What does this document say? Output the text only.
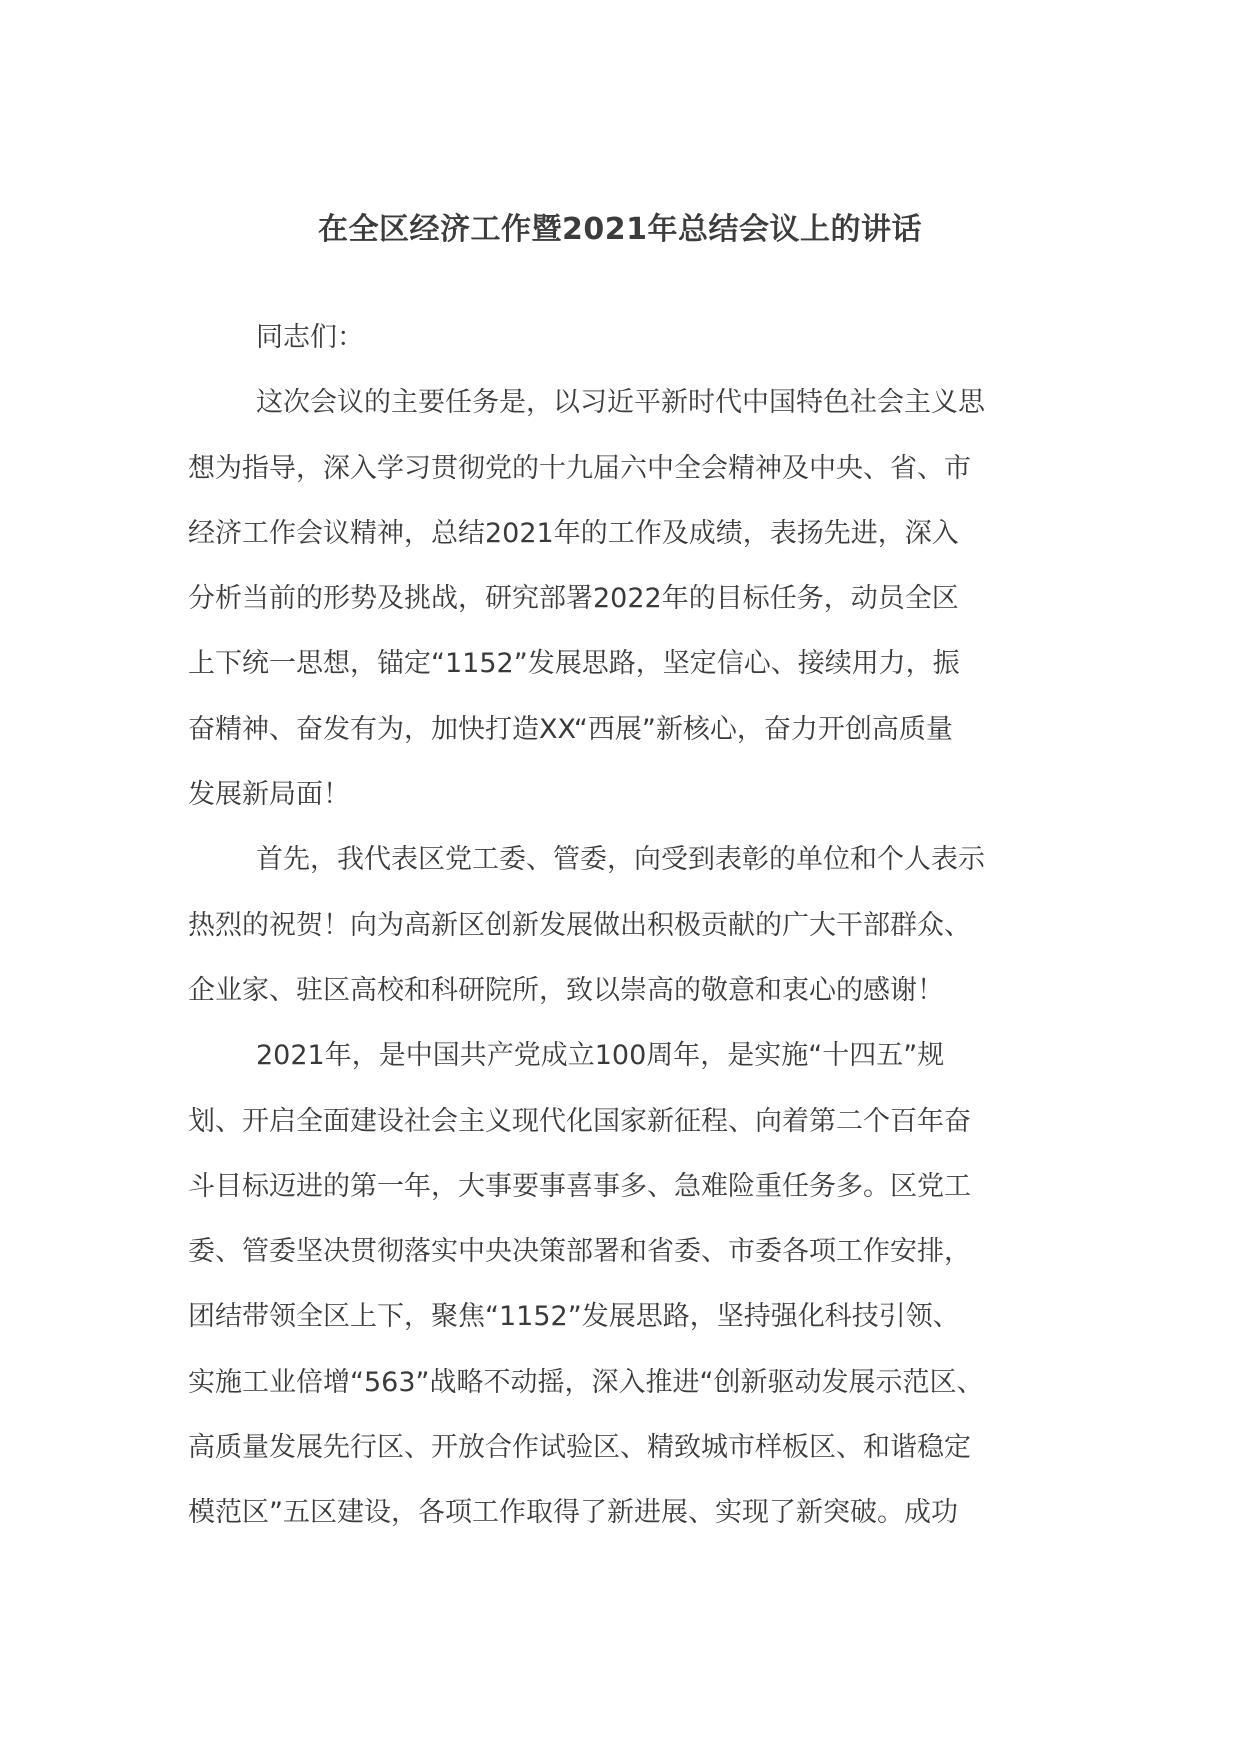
在全区经济工作暨2021年总结会议上的讲话
同志们：
这次会议的主要任务是，以习近平新时代中国特色社会主义思
想为指导，深入学习贯彻党的十九届六中全会精神及中央、省、市
经济工作会议精神，总结2021年的工作及成绩，表扬先进，深入
分析当前的形势及挑战，研究部署2022年的目标任务，动员全区
上下统一思想，锚定“1152”发展思路，坚定信心、接续用力，振
奋精神、奋发有为，加快打造XX“西展”新核心，奋力开创高质量
发展新局面！
首先，我代表区党工委、管委，向受到表彰的单位和个人表示
热烈的祝贺！向为高新区创新发展做出积极贡献的广大干部群众、
企业家、驻区高校和科研院所，致以崇高的敬意和衷心的感谢！
2021年，是中国共产党成立100周年，是实施“十四五”规
划、开启全面建设社会主义现代化国家新征程、向着第二个百年奋
斗目标迈进的第一年，大事要事喜事多、急难险重任务多。区党工
委、管委坚决贯彻落实中央决策部署和省委、市委各项工作安排，
团结带领全区上下，聚焦“1152”发展思路，坚持强化科技引领、
实施工业倍增“563”战略不动摇，深入推进“创新驱动发展示范区、
高质量发展先行区、开放合作试验区、精致城市样板区、和谐稳定
模范区”五区建设，各项工作取得了新进展、实现了新突破。成功
